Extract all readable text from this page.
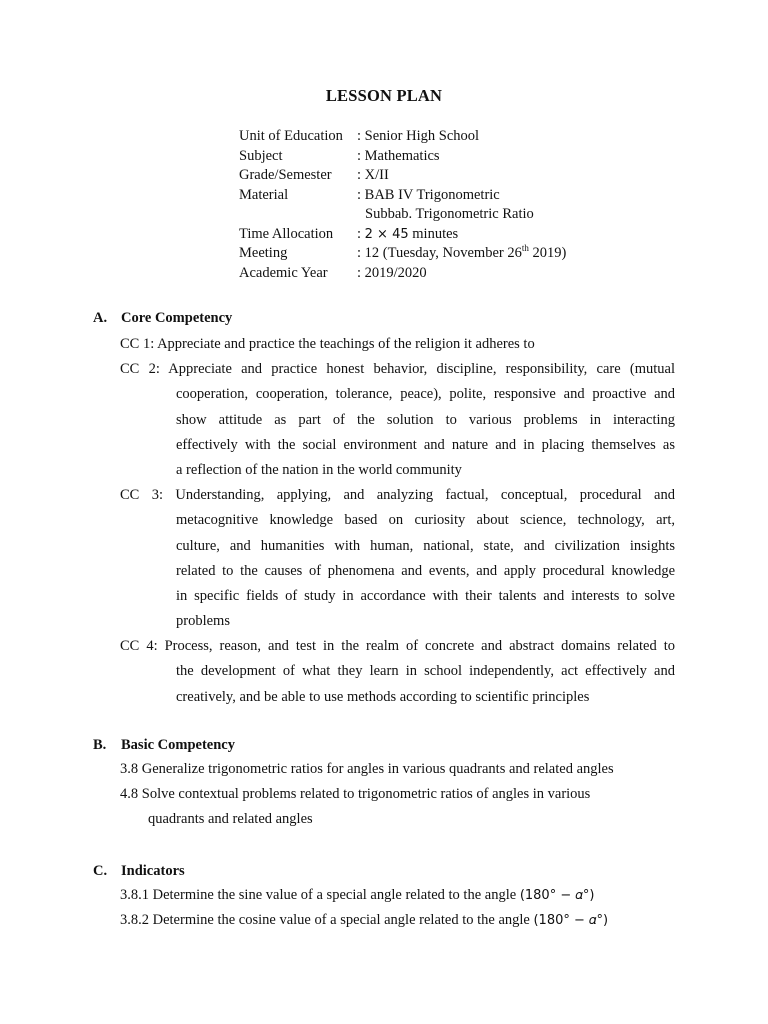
LESSON PLAN
Unit of Education : Senior High School
Subject	: Mathematics
Grade/Semester : X/II
Material	: BAB IV Trigonometric
Subbab. Trigonometric Ratio
Time Allocation : 2 × 45 minutes
Meeting	: 12 (Tuesday, November 26th 2019)
Academic Year : 2019/2020
A. Core Competency
CC 1: Appreciate and practice the teachings of the religion it adheres to
CC 2: Appreciate and practice honest behavior, discipline, responsibility, care (mutual
cooperation, cooperation, tolerance, peace), polite, responsive and proactive and
show attitude as part of the solution to various problems in interacting
effectively with the social environment and nature and in placing themselves as
a reflection of the nation in the world community
CC 3: Understanding, applying, and analyzing factual, conceptual, procedural and
metacognitive knowledge based on curiosity about science, technology, art,
culture, and humanities with human, national, state, and civilization insights
related to the causes of phenomena and events, and apply procedural knowledge
in specific fields of study in accordance with their talents and interests to solve
problems
CC 4: Process, reason, and test in the realm of concrete and abstract domains related to
the development of what they learn in school independently, act effectively and
creatively, and be able to use methods according to scientific principles
B. Basic Competency
3.8 Generalize trigonometric ratios for angles in various quadrants and related angles
4.8 Solve contextual problems related to trigonometric ratios of angles in various
quadrants and related angles
C. Indicators
3.8.1 Determine the sine value of a special angle related to the angle (180° − 𝛼°)
3.8.2 Determine the cosine value of a special angle related to the angle (180° − 𝛼°)
